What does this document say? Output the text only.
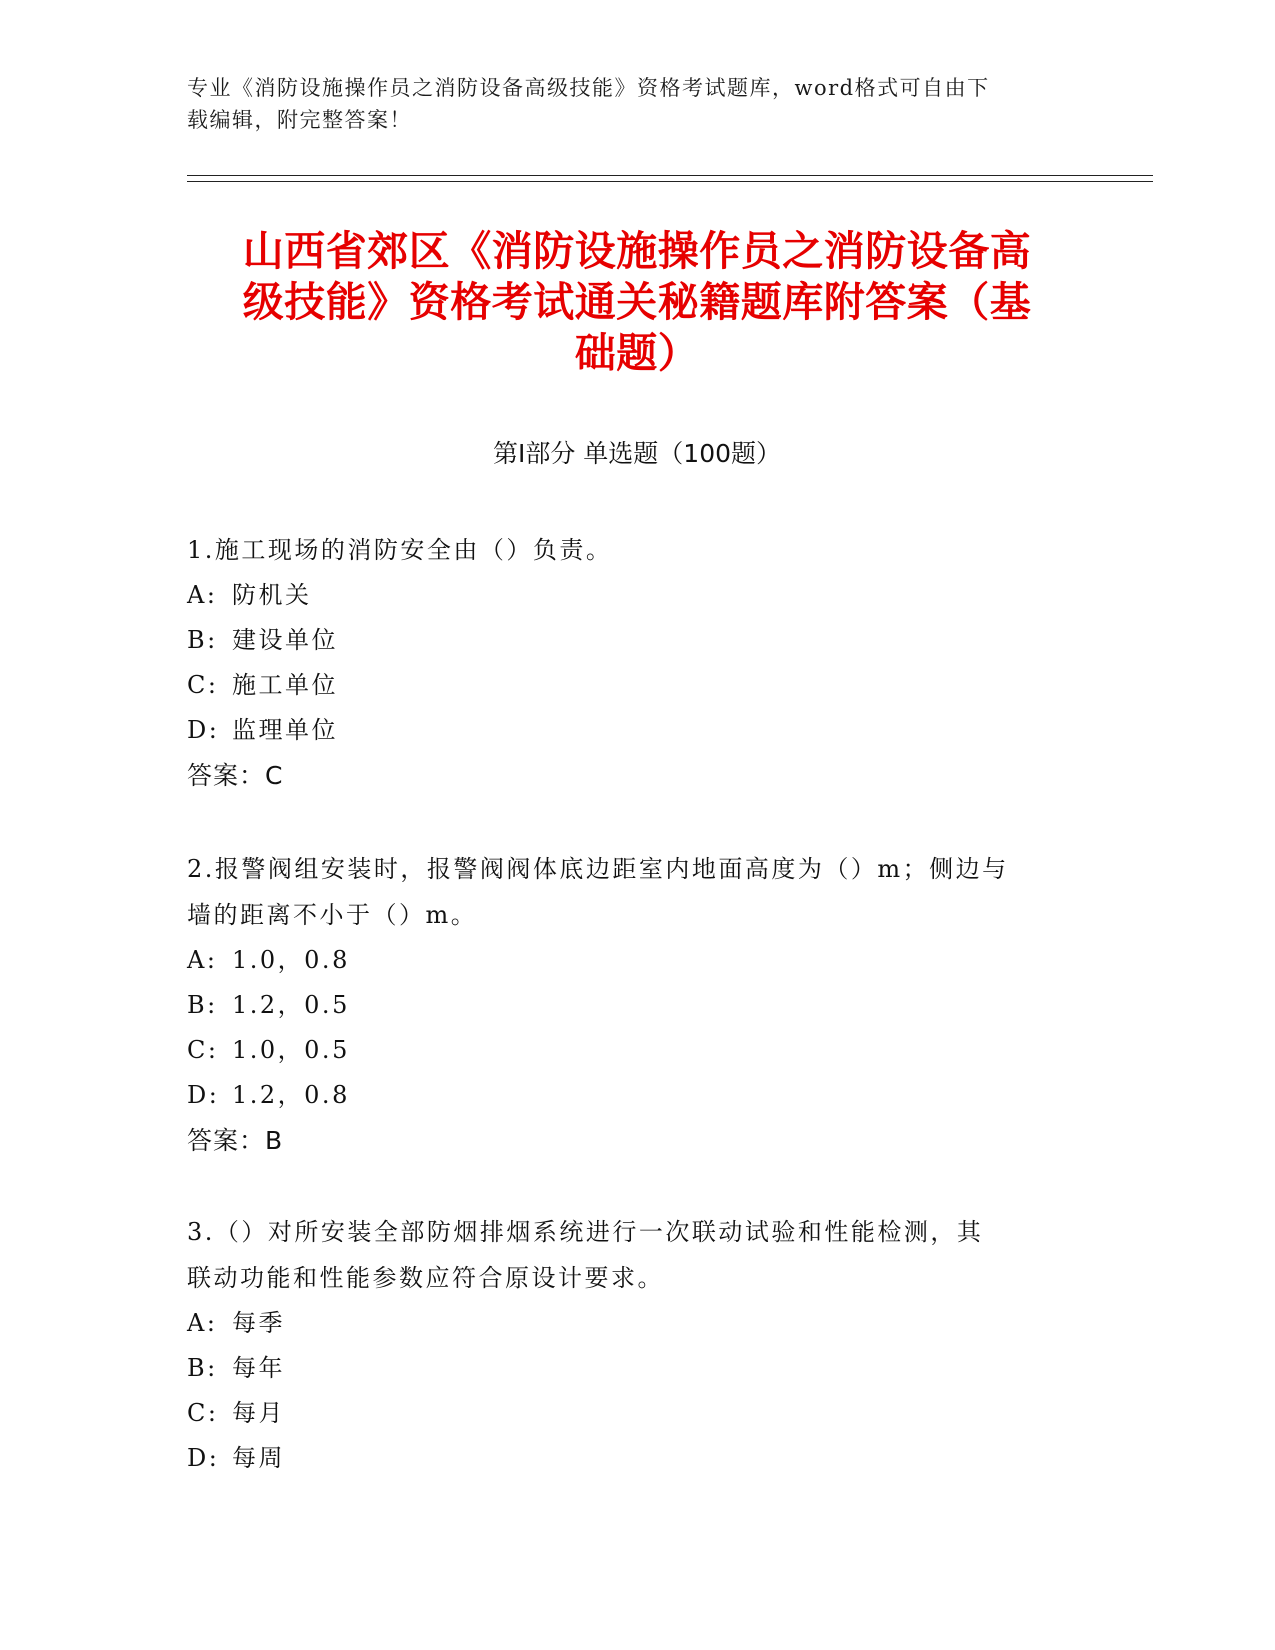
专业《消防设施操作员之消防设备高级技能》资格考试题库，word格式可自由下
载编辑，附完整答案！
山西省郊区《消防设施操作员之消防设备高
级技能》资格考试通关秘籍题库附答案（基
础题）
第Ⅰ部分 单选题（100题）

1.施工现场的消防安全由（）负责。

A: 防机关

B: 建设单位

C: 施工单位

D: 监理单位

答案：C

2.报警阀组安装时，报警阀阀体底边距室内地面高度为（）m；侧边与

墙的距离不小于（）m。

A: 1.0，0.8

B: 1.2，0.5

C: 1.0，0.5

D: 1.2，0.8

答案：B

3.（）对所安装全部防烟排烟系统进行一次联动试验和性能检测，其

联动功能和性能参数应符合原设计要求。

A: 每季

B: 每年

C: 每月

D: 每周
